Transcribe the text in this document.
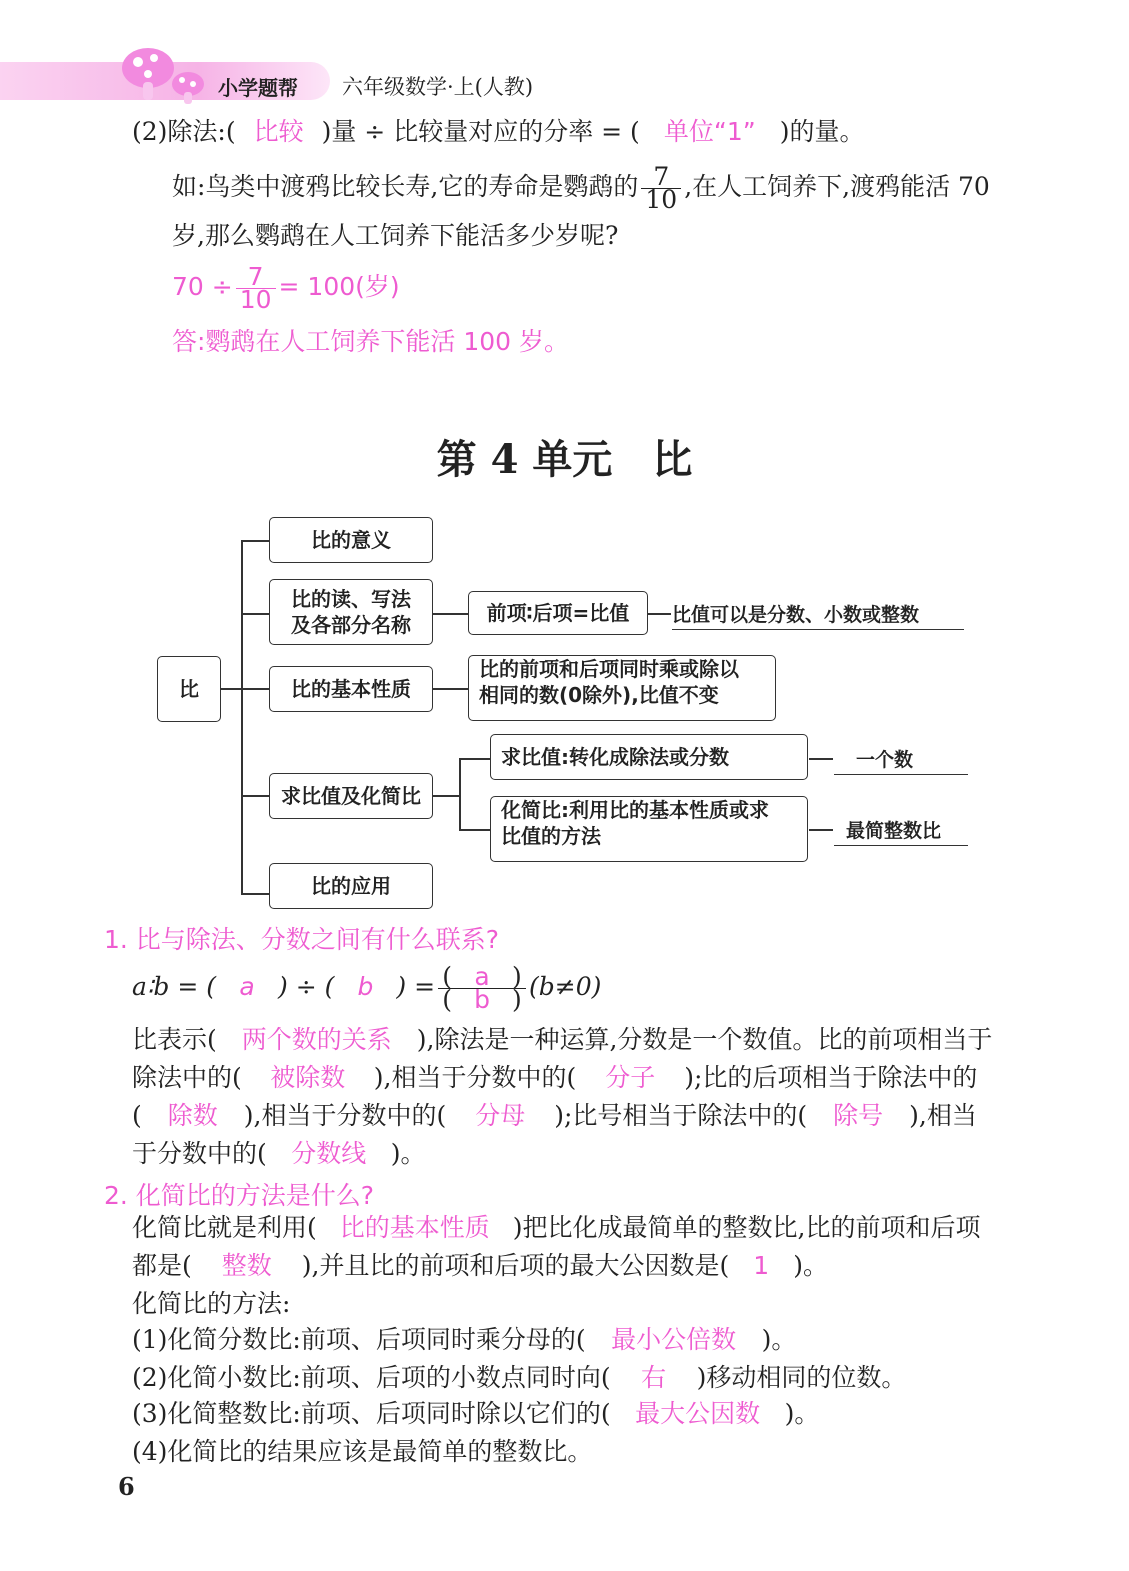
小学题帮 六年级数学·上(人教)
(2)除法:( 比较 )量 ÷ 比较量对应的分率 = ( 单位“1” )的量。
如:鸟类中渡鸦比较长寿,它的寿命是鹦鹉的 $\frac{7}{10}$ ,在人工饲养下,渡鸦能活 70
岁,那么鹦鹉在人工饲养下能活多少岁呢?
$70 \div \frac{7}{10} = 100$(岁)
答:鹦鹉在人工饲养下能活 100 岁。
第 4 单元　比
比
比的意义
比的读、写法
及各部分名称	前项∶后项=比值
比的基本性质
比的前项和后项同时乘或除以
相同的数(0除外),比值不变
求比值及化简比
求比值:转化成除法或分数
化简比:利用比的基本性质或求
比值的方法
比的应用
比值可以是分数、小数或整数
一个数
最简整数比
1. 比与除法、分数之间有什么联系?
a∶b = ( a ) ÷ ( b ) = $\frac{( a )}{( b )} (b\ne 0)$
比表示( 两个数的关系 ),除法是一种运算,分数是一个数值。比的前项相当于
除法中的( 被除数 ),相当于分数中的( 分子 );比的后项相当于除法中的
( 除数 ),相当于分数中的( 分母 );比号相当于除法中的( 除号 ),相当
于分数中的( 分数线 )。
2. 化简比的方法是什么?
化简比就是利用( 比的基本性质 )把比化成最简单的整数比,比的前项和后项
都是( 整数 ),并且比的前项和后项的最大公因数是( 1 )。
化简比的方法:
(1)化简分数比:前项、后项同时乘分母的( 最小公倍数 )。
(2)化简小数比:前项、后项的小数点同时向( 右 )移动相同的位数。
(3)化简整数比:前项、后项同时除以它们的( 最大公因数 )。
(4)化简比的结果应该是最简单的整数比。
6
